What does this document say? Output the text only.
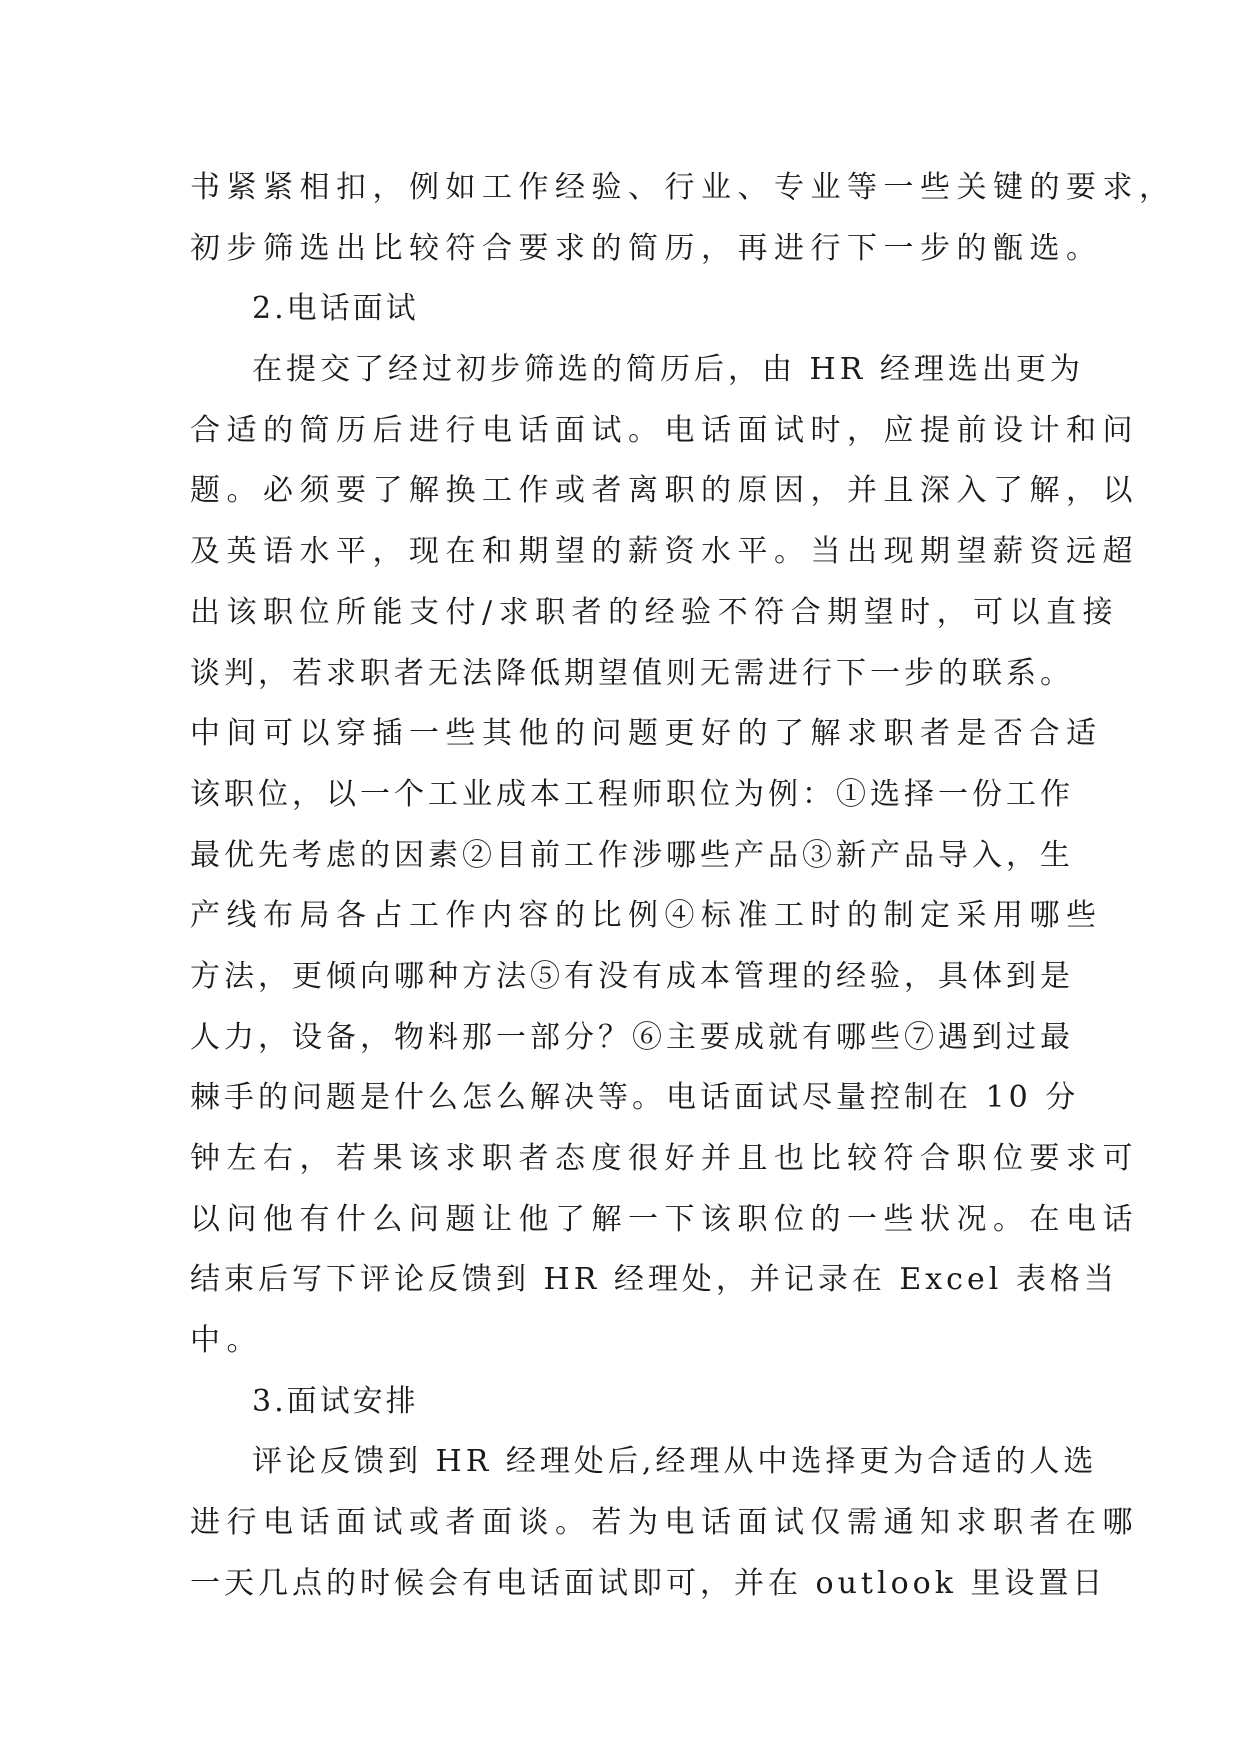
书紧紧相扣，例如工作经验、行业、专业等一些关键的要求，
初步筛选出比较符合要求的简历，再进行下一步的甑选。
2.电话面试
在提交了经过初步筛选的简历后，由 HR 经理选出更为
合适的简历后进行电话面试。电话面试时，应提前设计和问
题。必须要了解换工作或者离职的原因，并且深入了解，以
及英语水平，现在和期望的薪资水平。当出现期望薪资远超
出该职位所能支付/求职者的经验不符合期望时，可以直接
谈判，若求职者无法降低期望值则无需进行下一步的联系。
中间可以穿插一些其他的问题更好的了解求职者是否合适
该职位，以一个工业成本工程师职位为例：①选择一份工作
最优先考虑的因素②目前工作涉哪些产品③新产品导入，生
产线布局各占工作内容的比例④标准工时的制定采用哪些
方法，更倾向哪种方法⑤有没有成本管理的经验，具体到是
人力，设备，物料那一部分？⑥主要成就有哪些⑦遇到过最
棘手的问题是什么怎么解决等。电话面试尽量控制在 10 分
钟左右，若果该求职者态度很好并且也比较符合职位要求可
以问他有什么问题让他了解一下该职位的一些状况。在电话
结束后写下评论反馈到 HR 经理处，并记录在 Excel 表格当
中。
3.面试安排
评论反馈到 HR 经理处后,经理从中选择更为合适的人选
进行电话面试或者面谈。若为电话面试仅需通知求职者在哪
一天几点的时候会有电话面试即可，并在 outlook 里设置日
